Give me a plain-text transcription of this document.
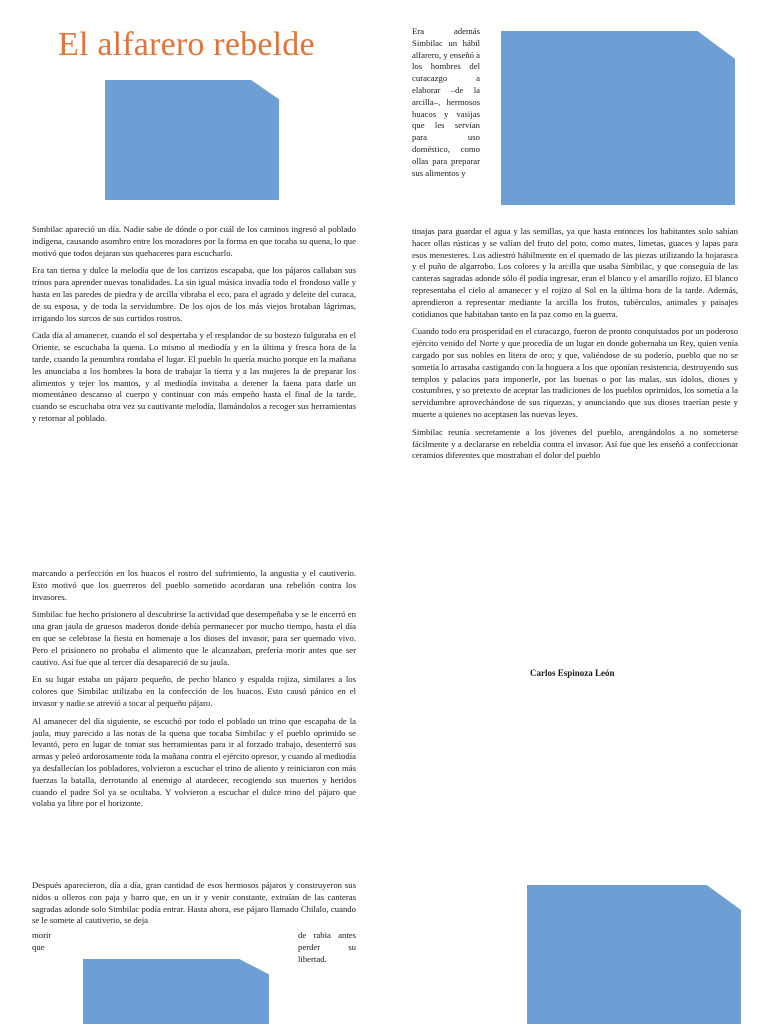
El alfarero rebelde

Simbilac apareció un día. Nadie sabe de dónde o por cuál de los caminos ingresó al poblado indígena, causando asombro entre los moradores por la forma en que tocaba su quena, lo que motivó que todos dejaran sus quehaceres para escucharlo.

Era tan tierna y dulce la melodía que de los carrizos escapaba, que los pájaros callaban sus trinos para aprender nuevas tonalidades. La sin igual música invadía todo el frondoso valle y hasta en las paredes de piedra y de arcilla vibraba el eco, para el agrado y deleite del curaca, de su esposa, y de toda la servidumbre. De los ojos de los más viejos brotaban lágrimas, irrigando los surcos de sus curtidos rostros.

Cada día al amanecer, cuando el sol despertaba y el resplandor de su bostezo fulguraba en el Oriente, se escuchaba la quena. Lo mismo al mediodía y en la última y fresca hora de la tarde, cuando la penumbra rondaba el lugar. El pueblo lo quería mucho porque en la mañana les anunciaba a los hombres la hora de trabajar la tierra y a las mujeres la de preparar los alimentos y tejer los mantos, y al mediodía invitaba a detener la faena para darle un momentáneo descanso al cuerpo y continuar con más empeño hasta el final de la tarde, cuando se escuchaba otra vez su cautivante melodía, llamándolos a recoger sus herramientas y retornar al poblado.

Era además Simbilac un hábil alfarero, y enseñó a los hombres del curacazgo a elaborar –de la arcilla–, hermosos huacos y vasijas que les servían para uso doméstico, como ollas para preparar sus alimentos y

tinajas para guardar el agua y las semillas, ya que hasta entonces los habitantes solo sabían hacer ollas rústicas y se valían del fruto del poto, como mates, limetas, guaces y lapas para esos menesteres. Los adiestró hábilmente en el quemado de las piezas utilizando la hojarasca y el puño de algarrobo. Los colores y la arcilla que usaba Simbilac, y que conseguía de las canteras sagradas adonde sólo él podía ingresar, eran el blanco y el amarillo rojizo. El blanco representaba el cielo al amanecer y el rojizo al Sol en la última hora de la tarde. Además, aprendieron a representar mediante la arcilla los frutos, tubérculos, animales y paisajes cotidianos que habitaban tanto en la paz como en la guerra.

Cuando todo era prosperidad en el curacazgo, fueron de pronto conquistados por un poderoso ejército venido del Norte y que procedía de un lugar en donde gobernaba un Rey, quien venía cargado por sus nobles en litera de oro; y que, valiéndose de su poderío, pueblo que no se sometía lo arrasaba castigando con la hoguera a los que oponían resistencia, destruyendo sus templos y palacios para imponerle, por las buenas o por las malas, sus ídolos, dioses y costumbres, y so pretexto de aceptar las tradiciones de los pueblos oprimidos, los sometía a la servidumbre aprovechándose de sus riquezas, y anunciando que sus dioses traerían peste y muerte a quienes no aceptasen las nuevas leyes.

Simbilac reunía secretamente a los jóvenes del pueblo, arengándolos a no someterse fácilmente y a declararse en rebeldía contra el invasor. Así fue que les enseñó a confeccionar ceramios diferentes que mostraban el dolor del pueblo

marcando a perfección en los huacos el rostro del sufrimiento, la angustia y el cautiverio. Esto motivó que los guerreros del pueblo sometido acordaran una rebelión contra los invasores.

Simbilac fue hecho prisionero al descubrirse la actividad que desempeñaba y se le encerró en una gran jaula de gruesos maderos donde debía permanecer por mucho tiempo, hasta el día en que se celebrase la fiesta en homenaje a los dioses del invasor, para ser quemado vivo. Pero el prisionero no probaba el alimento que le alcanzaban, prefería morir antes que ser cautivo. Así fue que al tercer día desapareció de su jaula.

En su lugar estaba un pájaro pequeño, de pecho blanco y espalda rojiza, similares a los colores que Simbilac utilizaba en la confección de los huacos. Esto causó pánico en el invasor y nadie se atrevió a tocar al pequeño pájaro.

Al amanecer del día siguiente, se escuchó por todo el poblado un trino que escapaba de la jaula, muy parecido a las notas de la quena que tocaba Simbilac y el pueblo oprimido se levantó, pero en lugar de tomar sus herramientas para ir al forzado trabajo, desenterró sus armas y peleó ardorosamente toda la mañana contra el ejército opresor, y cuando al mediodía ya desfallecían los pobladores, volvieron a escuchar el trino de aliento y reiniciaron con más fuerzas la batalla, derrotando al enemigo al atardecer, recogiendo sus muertos y heridos cuando el padre Sol ya se ocultaba. Y volvieron a escuchar el dulce trino del pájaro que volaba ya libre por el horizonte.

Carlos Espinoza León

Después aparecieron, día a día, gran cantidad de esos hermosos pájaros y construyeron sus nidos u olleros con paja y barro que, en un ir y venir constante, extraían de las canteras sagradas adonde solo Simbilac podía entrar. Hasta ahora, ese pájaro llamado Chilalo, cuando se le somete al cautiverio, se deja

morir
que
de rabia antes perder su libertad.
